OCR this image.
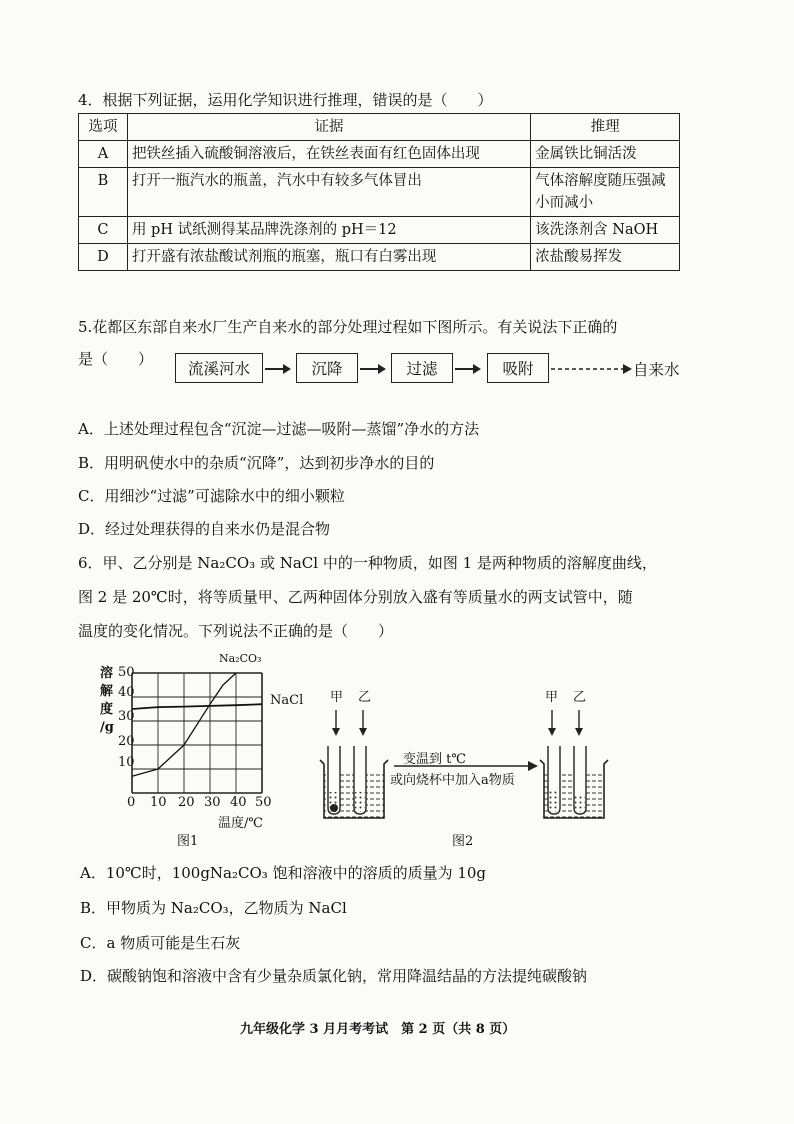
4．根据下列证据，运用化学知识进行推理，错误的是（　　）
选项	证据	推理
A	把铁丝插入硫酸铜溶液后，在铁丝表面有红色固体出现	金属铁比铜活泼
B	打开一瓶汽水的瓶盖，汽水中有较多气体冒出	气体溶解度随压强减小而减小
C	用 pH 试纸测得某品牌洗涤剂的 pH＝12	该洗涤剂含 NaOH
D	打开盛有浓盐酸试剂瓶的瓶塞，瓶口有白雾出现	浓盐酸易挥发
5.花都区东部自来水厂生产自来水的部分处理过程如下图所示。有关说法下正确的
是（　　）
流溪河水	沉降	过滤	吸附	自来水
A．上述处理过程包含“沉淀—过滤—吸附—蒸馏”净水的方法
B．用明矾使水中的杂质“沉降”，达到初步净水的目的
C．用细沙“过滤”可滤除水中的细小颗粒
D．经过处理获得的自来水仍是混合物
6．甲、乙分别是 Na₂CO₃ 或 NaCl 中的一种物质，如图 1 是两种物质的溶解度曲线，
图 2 是 20℃时，将等质量甲、乙两种固体分别放入盛有等质量水的两支试管中，随
温度的变化情况。下列说法不正确的是（　　）
溶
解
度
/g
50
40
30
20
10
Na₂CO₃
NaCl
0 10 20 30 40 50
温度/℃
图1
甲 乙	甲 乙
变温到 t℃
或向烧杯中加入a物质
图2
A．10℃时，100gNa₂CO₃ 饱和溶液中的溶质的质量为 10g
B．甲物质为 Na₂CO₃，乙物质为 NaCl
C．a 物质可能是生石灰
D．碳酸钠饱和溶液中含有少量杂质氯化钠，常用降温结晶的方法提纯碳酸钠
九年级化学 3 月月考考试　第 2 页（共 8 页）
